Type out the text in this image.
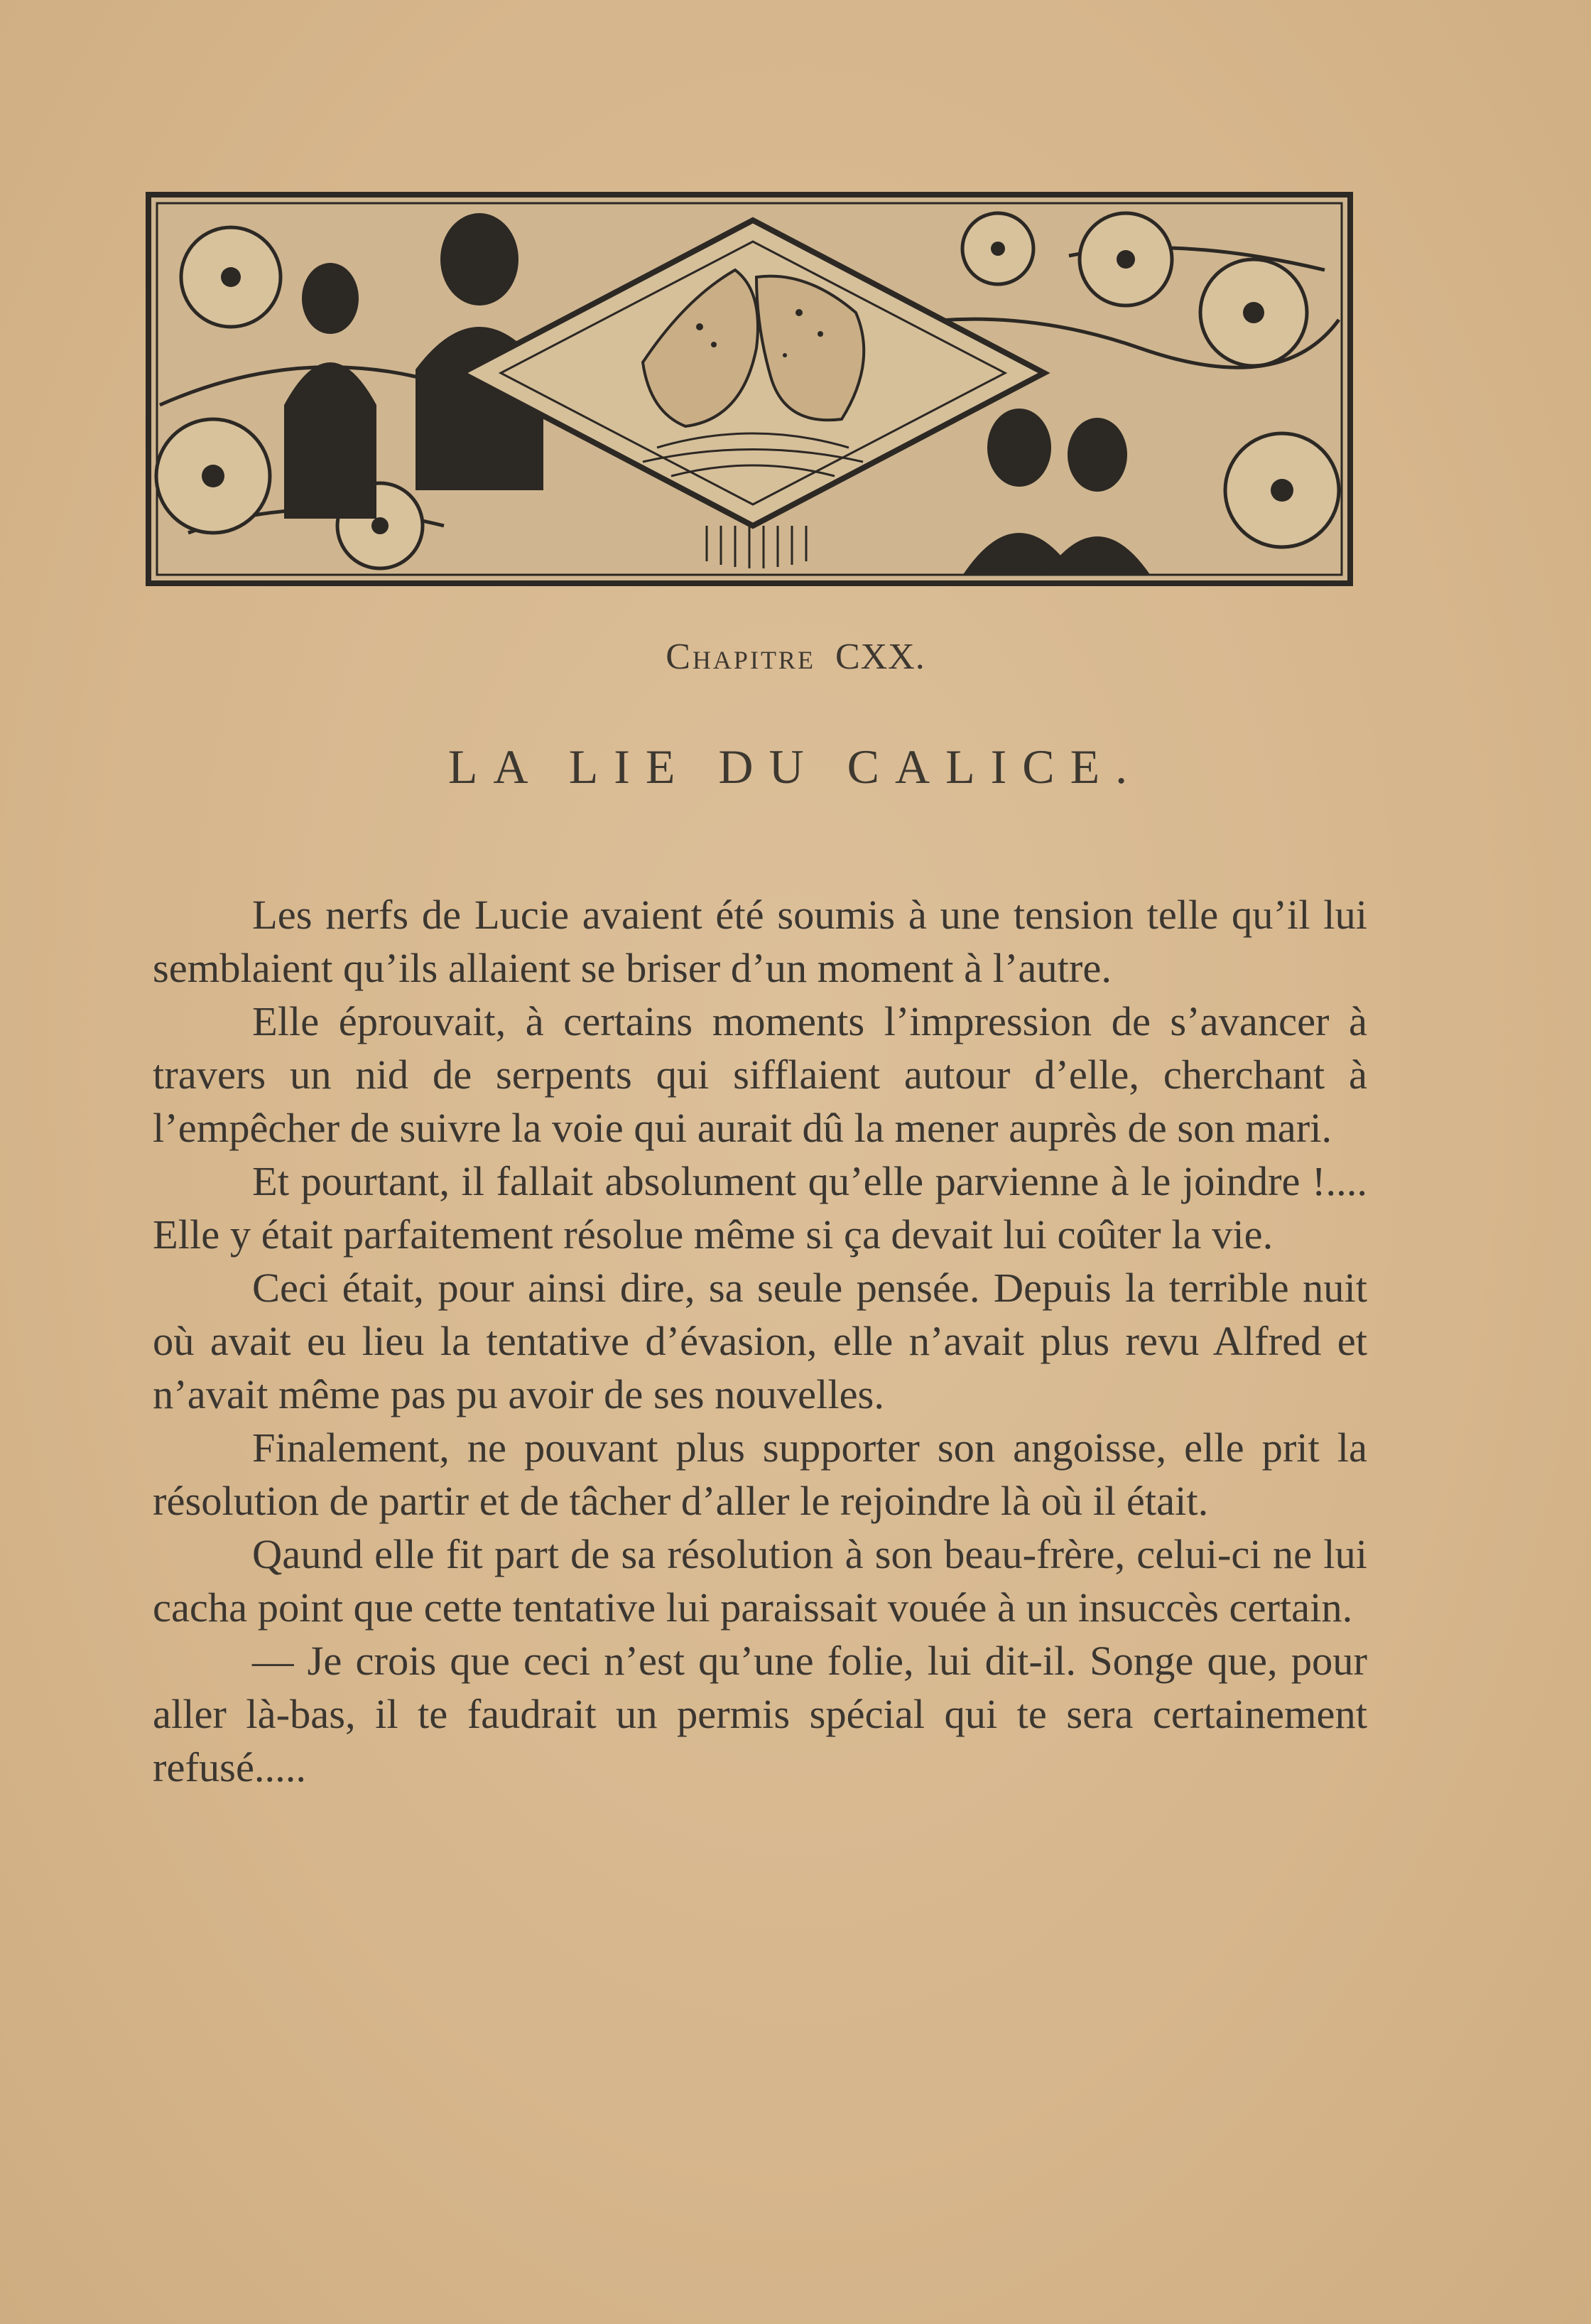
Chapitre CXX.
LA LIE DU CALICE.

Les nerfs de Lucie avaient été soumis à une tension telle qu’il lui semblaient qu’ils allaient se briser d’un moment à l’autre.

Elle éprouvait, à certains moments l’impression de s’avancer à travers un nid de serpents qui sifflaient autour d’elle, cherchant à l’empêcher de suivre la voie qui aurait dû la mener auprès de son mari.

Et pourtant, il fallait absolument qu’elle parvienne à le joindre !.... Elle y était parfaitement résolue même si ça devait lui coûter la vie.

Ceci était, pour ainsi dire, sa seule pensée. Depuis la terrible nuit où avait eu lieu la tentative d’évasion, elle n’avait plus revu Alfred et n’avait même pas pu avoir de ses nouvelles.

Finalement, ne pouvant plus supporter son angoisse, elle prit la résolution de partir et de tâcher d’aller le rejoindre là où il était.

Qaund elle fit part de sa résolution à son beau-frère, celui-ci ne lui cacha point que cette tentative lui paraissait vouée à un insuccès certain.

— Je crois que ceci n’est qu’une folie, lui dit-il. Songe que, pour aller là-bas, il te faudrait un permis spécial qui te sera certainement refusé.....
